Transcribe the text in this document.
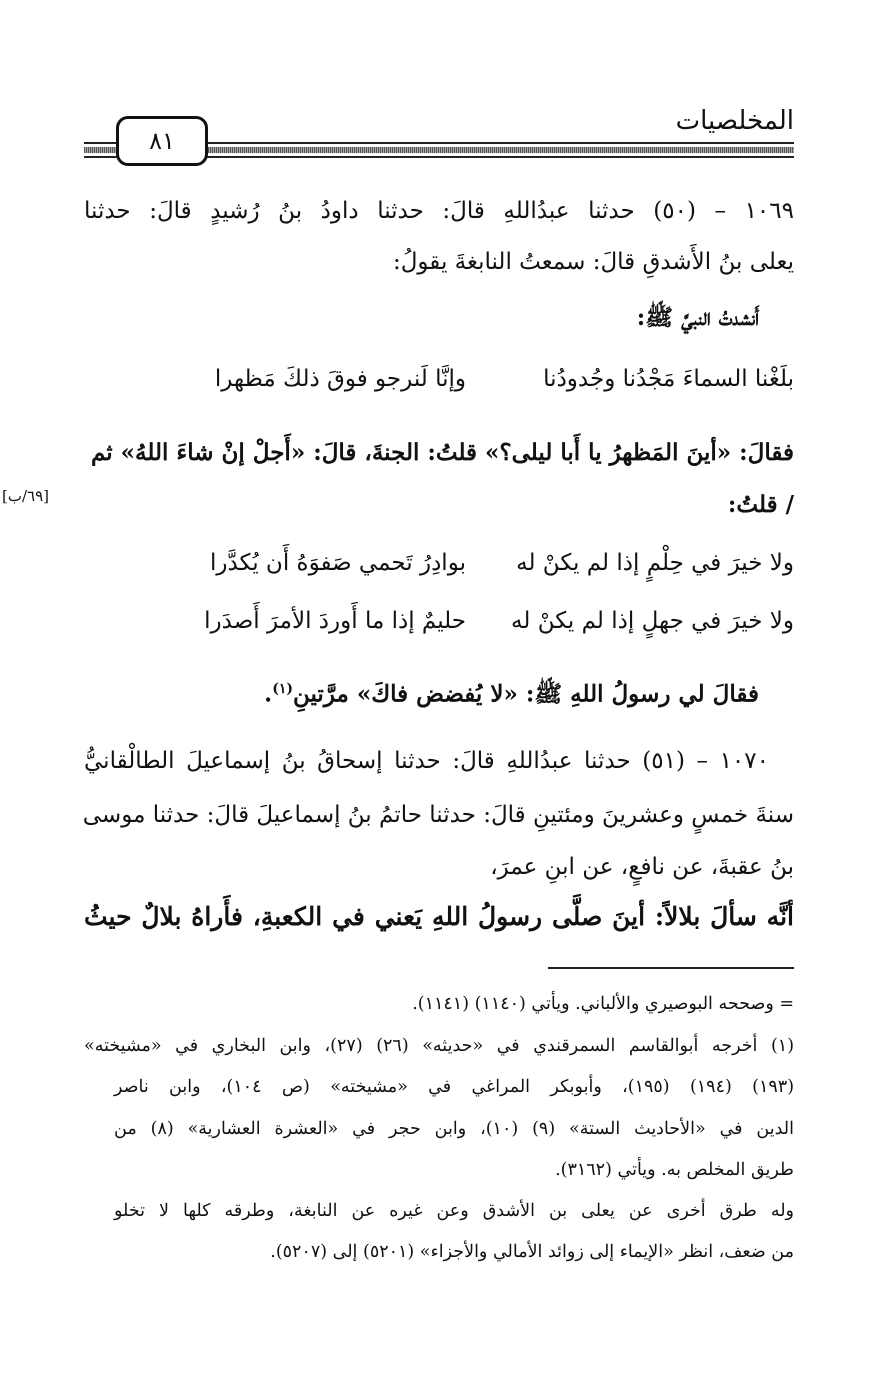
٨١
المخلصيات
١٠٦٩ – (٥٠) حدثنا عبدُاللهِ قالَ: حدثنا داودُ بنُ رُشيدٍ قالَ: حدثنا
يعلى بنُ الأَشدقِ قالَ: سمعتُ النابغةَ يقولُ:
أَنشدتُ النبيَّ ﷺ:
بلَغْنا السماءَ مَجْدُنا وجُدودُنا
وإنَّا لَنرجو فوقَ ذلكَ مَظهرا
فقالَ: «أينَ المَظهرُ يا أَبا ليلى؟» قلتُ: الجنةَ، قالَ: «أَجلْ إنْ شاءَ اللهُ» ثم
/ قلتُ:
[٦٩/ب]
ولا خيرَ في حِلْمٍ إذا لم يكنْ له
بوادِرُ تَحمي صَفوَهُ أَن يُكدَّرا
ولا خيرَ في جهلٍ إذا لم يكنْ له
حليمٌ إذا ما أَوردَ الأمرَ أَصدَرا
فقالَ لي رسولُ اللهِ ﷺ: «لا يُفضض فاكَ» مرَّتينِ$^{(١)}$.
١٠٧٠ – (٥١) حدثنا عبدُاللهِ قالَ: حدثنا إسحاقُ بنُ إسماعيلَ الطالْقانيُّ
سنةَ خمسٍ وعشرينَ ومئتينِ قالَ: حدثنا حاتمُ بنُ إسماعيلَ قالَ: حدثنا موسى
بنُ عقبةَ، عن نافعٍ، عن ابنِ عمرَ،
أنَّه سألَ بلالاً: أينَ صلَّى رسولُ اللهِ يَعني في الكعبةِ، فأَراهُ بلالٌ حيثُ
= وصححه البوصيري والألباني. ويأتي (١١٤٠) (١١٤١).
(١) أخرجه أبوالقاسم السمرقندي في «حديثه» (٢٦) (٢٧)، وابن البخاري في «مشيخته»
(١٩٣) (١٩٤) (١٩٥)، وأبوبكر المراغي في «مشيخته» (ص ١٠٤)، وابن ناصر
الدين في «الأحاديث الستة» (٩) (١٠)، وابن حجر في «العشرة العشارية» (٨) من
طريق المخلص به. ويأتي (٣١٦٢).
وله طرق أخرى عن يعلى بن الأشدق وعن غيره عن النابغة، وطرقه كلها لا تخلو
من ضعف، انظر «الإيماء إلى زوائد الأمالي والأجزاء» (٥٢٠١) إلى (٥٢٠٧).
